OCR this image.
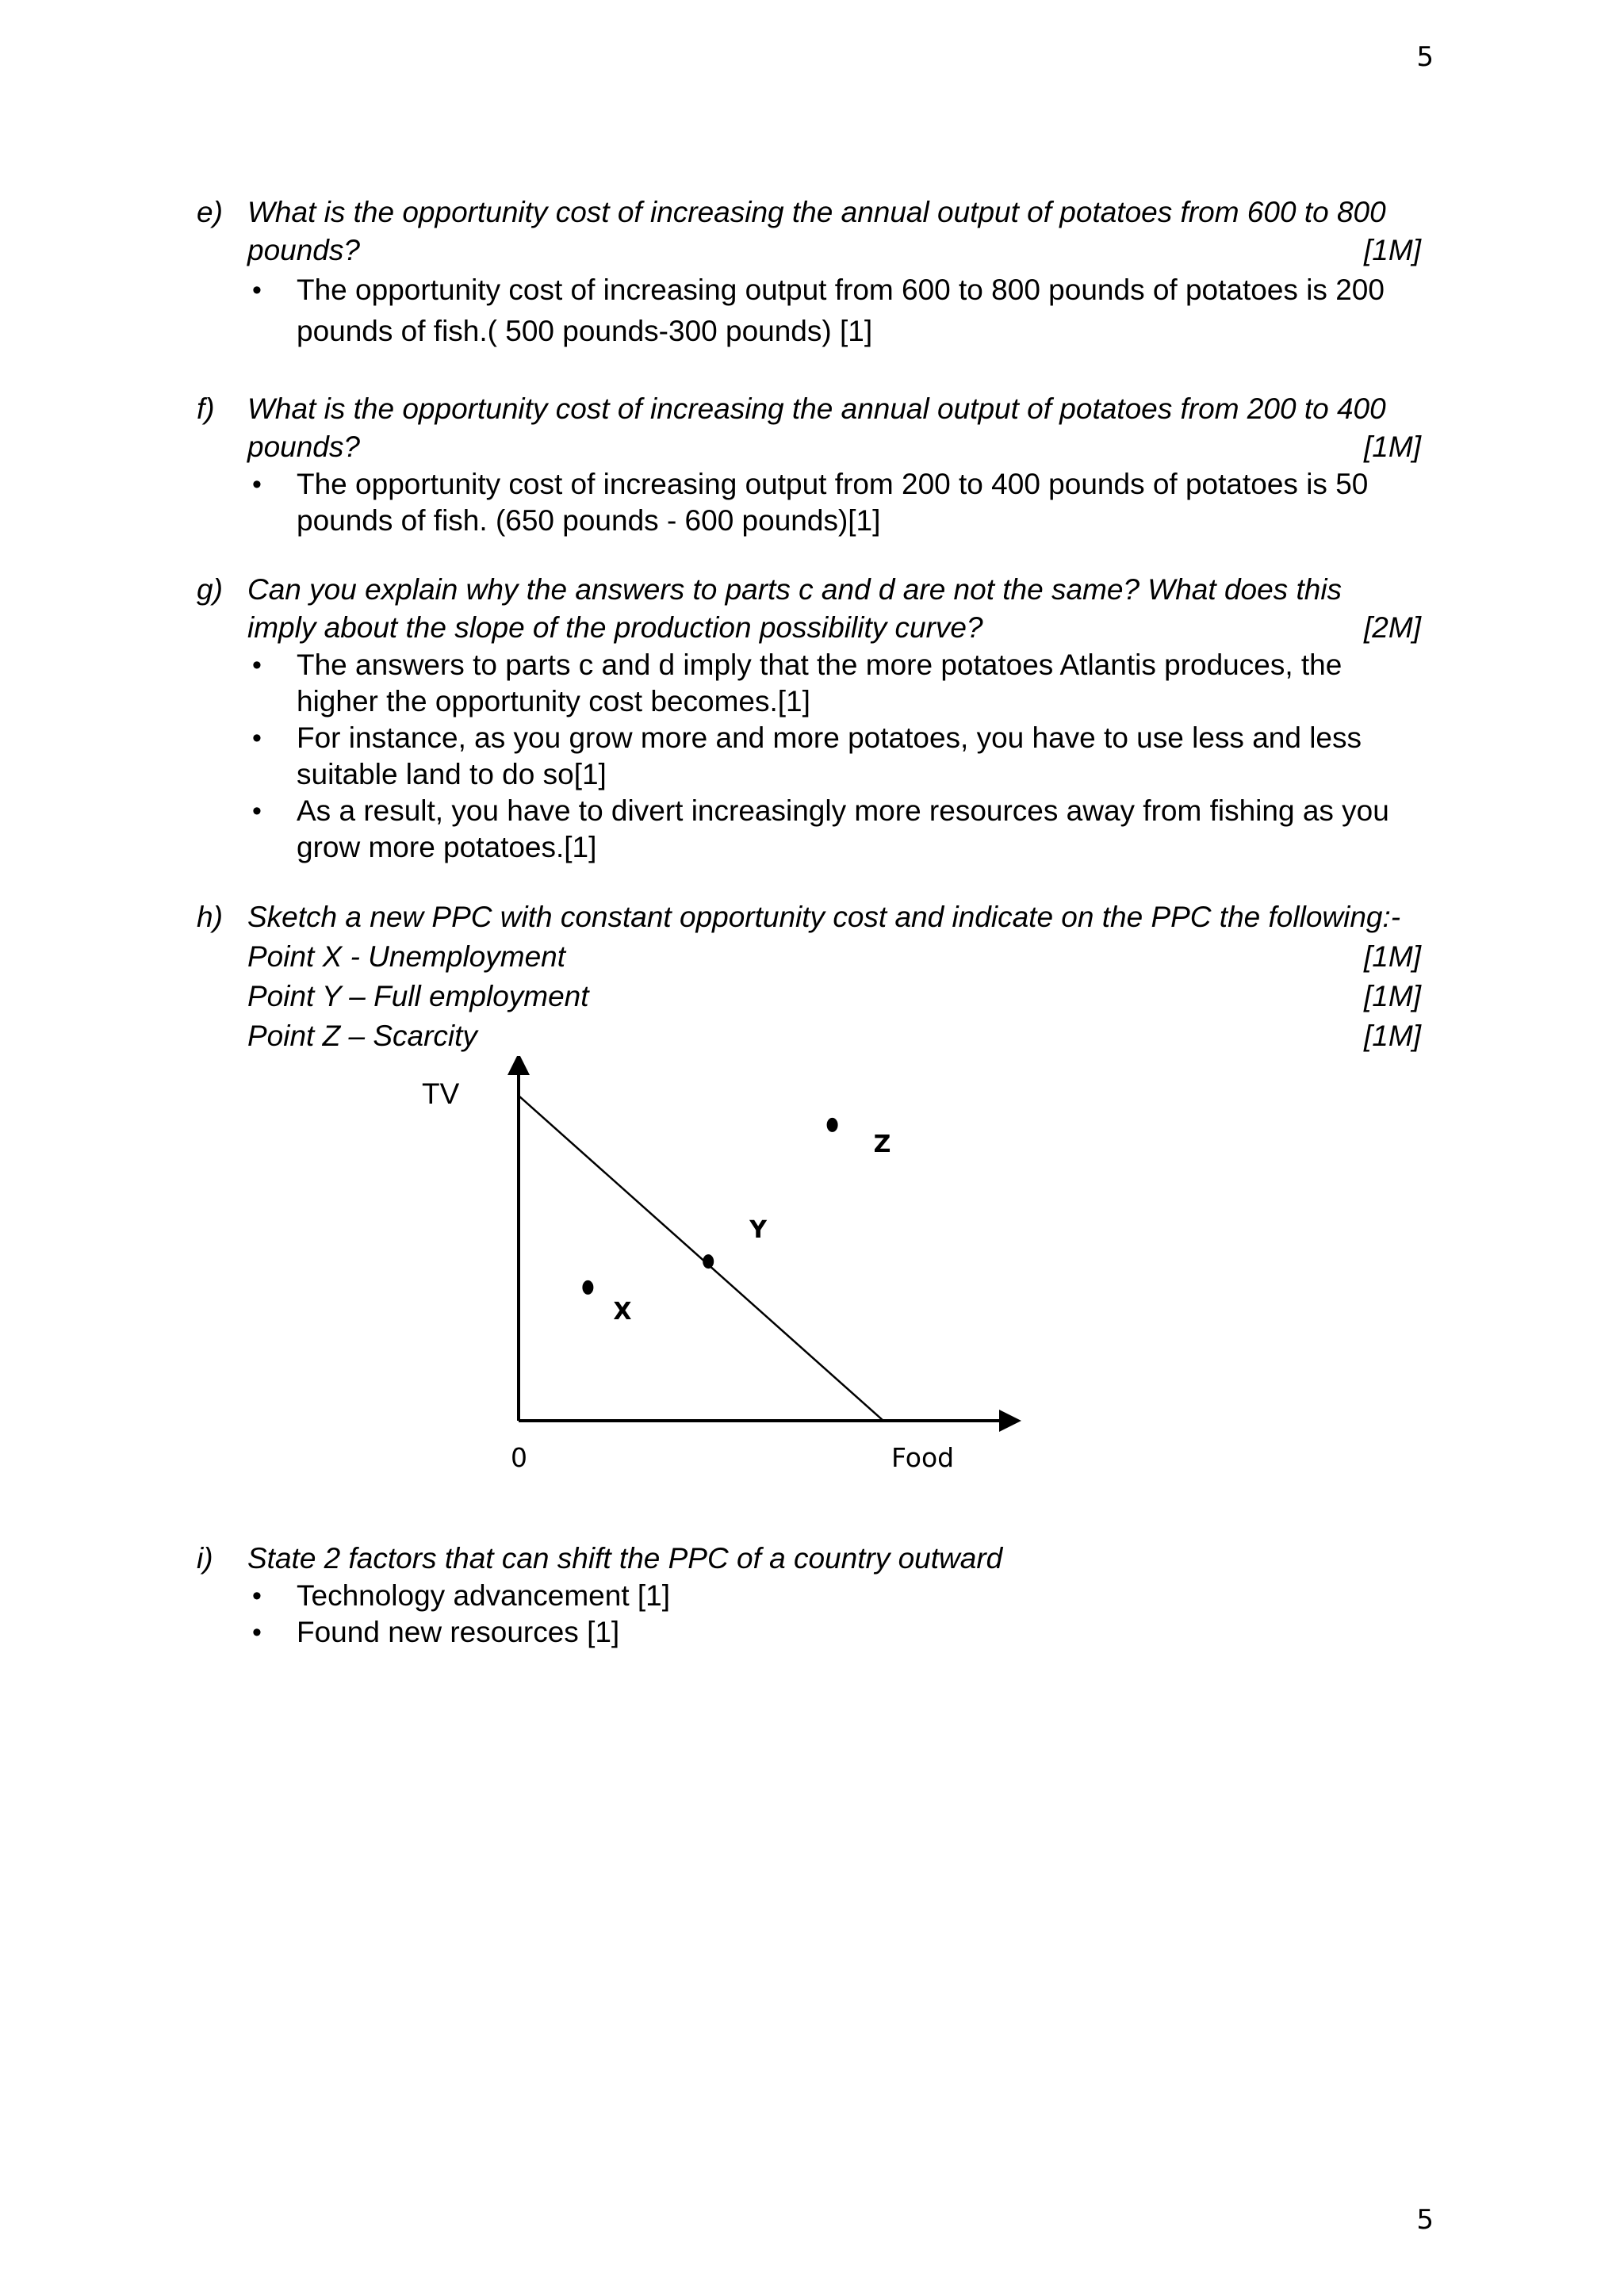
5
e) What is the opportunity cost of increasing the annual output of potatoes from 600 to 800
pounds?	[1M]
• The opportunity cost of increasing output from 600 to 800 pounds of potatoes is 200 pounds of fish.( 500 pounds-300 pounds) [1]
f) What is the opportunity cost of increasing the annual output of potatoes from 200 to 400
pounds?	[1M]
• The opportunity cost of increasing output from 200 to 400 pounds of potatoes is 50 pounds of fish. (650 pounds - 600 pounds)[1]
g) Can you explain why the answers to parts c and d are not the same? What does this
imply about the slope of the production possibility curve?	[2M]
• The answers to parts c and d imply that the more potatoes Atlantis produces, the higher the opportunity cost becomes.[1]
• For instance, as you grow more and more potatoes, you have to use less and less suitable land to do so[1]
• As a result, you have to divert increasingly more resources away from fishing as you grow more potatoes.[1]
h) Sketch a new PPC with constant opportunity cost and indicate on the PPC the following:-
Point X - Unemployment	[1M]
Point Y – Full employment	[1M]
Point Z – Scarcity	[1M]
TV
Food
0
X
Y
Z
i) State 2 factors that can shift the PPC of a country outward
• Technology advancement [1]
• Found new resources [1]
5
